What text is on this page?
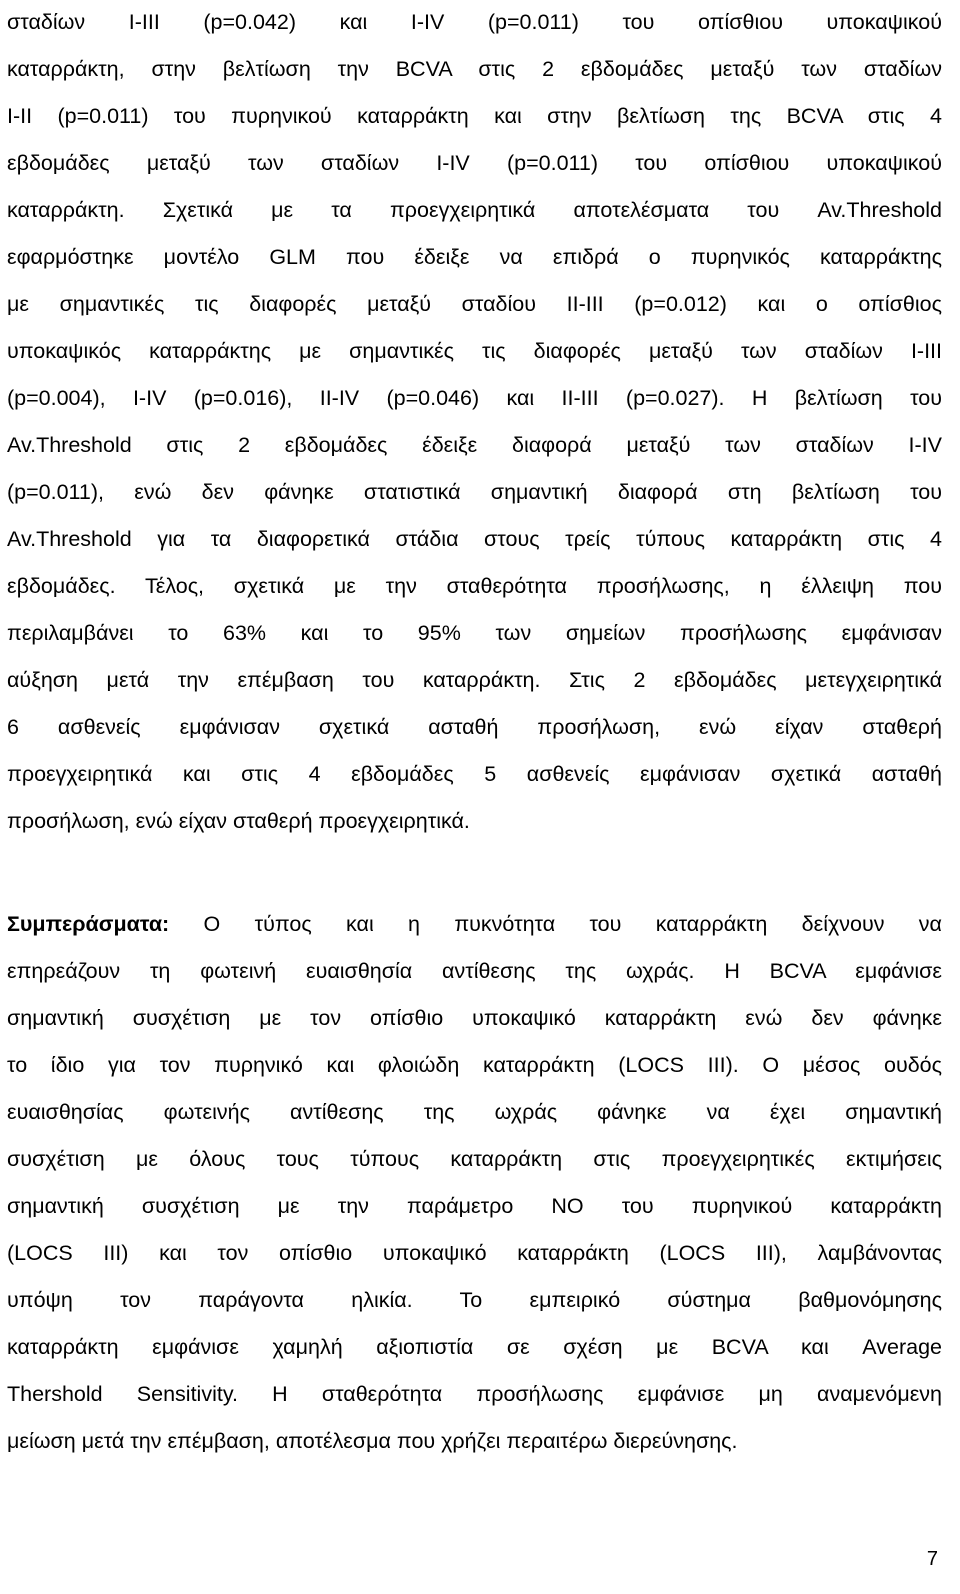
σταδίων I-III (p=0.042) και I-IV (p=0.011) του οπίσθιου υποκαψικού
καταρράκτη, στην βελτίωση την BCVA στις 2 εβδομάδες μεταξύ των σταδίων
I-II (p=0.011) του πυρηνικού καταρράκτη και στην βελτίωση της BCVA στις 4
εβδομάδες μεταξύ των σταδίων I-IV (p=0.011) του οπίσθιου υποκαψικού
καταρράκτη. Σχετικά με τα προεγχειρητικά αποτελέσματα του Av.Threshold
εφαρμόστηκε μοντέλο GLM που έδειξε να επιδρά ο πυρηνικός καταρράκτης
με σημαντικές τις διαφορές μεταξύ σταδίου II-III (p=0.012) και ο οπίσθιος
υποκαψικός καταρράκτης με σημαντικές τις διαφορές μεταξύ των σταδίων I-III
(p=0.004), I-IV (p=0.016), II-IV (p=0.046) και II-III (p=0.027). Η βελτίωση του
Av.Threshold στις 2 εβδομάδες έδειξε διαφορά μεταξύ των σταδίων I-IV
(p=0.011), ενώ δεν φάνηκε στατιστικά σημαντική διαφορά στη βελτίωση του
Av.Threshold για τα διαφορετικά στάδια στους τρείς τύπους καταρράκτη στις 4
εβδομάδες. Τέλος, σχετικά με την σταθερότητα προσήλωσης, η έλλειψη που
περιλαμβάνει το 63% και το 95% των σημείων προσήλωσης εμφάνισαν
αύξηση μετά την επέμβαση του καταρράκτη. Στις 2 εβδομάδες μετεγχειρητικά
6 ασθενείς εμφάνισαν σχετικά ασταθή προσήλωση, ενώ είχαν σταθερή
προεγχειρητικά και στις 4 εβδομάδες 5 ασθενείς εμφάνισαν σχετικά ασταθή
προσήλωση, ενώ είχαν σταθερή προεγχειρητικά.
Συμπεράσματα: Ο τύπος και η πυκνότητα του καταρράκτη δείχνουν να
επηρεάζουν τη φωτεινή ευαισθησία αντίθεσης της ωχράς. Η BCVA εμφάνισε
σημαντική συσχέτιση με τον οπίσθιο υποκαψικό καταρράκτη ενώ δεν φάνηκε
το ίδιο για τον πυρηνικό και φλοιώδη καταρράκτη (LOCS III). Ο μέσος ουδός
ευαισθησίας φωτεινής αντίθεσης της ωχράς φάνηκε να έχει σημαντική
συσχέτιση με όλους τους τύπους καταρράκτη στις προεγχειρητικές εκτιμήσεις
σημαντική συσχέτιση με την παράμετρο NO του πυρηνικού καταρράκτη
(LOCS III) και τον οπίσθιο υποκαψικό καταρράκτη (LOCS III), λαμβάνοντας
υπόψη τον παράγοντα ηλικία. Το εμπειρικό σύστημα βαθμονόμησης
καταρράκτη εμφάνισε χαμηλή αξιοπιστία σε σχέση με BCVA και Average
Thershold Sensitivity. Η σταθερότητα προσήλωσης εμφάνισε μη αναμενόμενη
μείωση μετά την επέμβαση, αποτέλεσμα που χρήζει περαιτέρω διερεύνησης.
7
